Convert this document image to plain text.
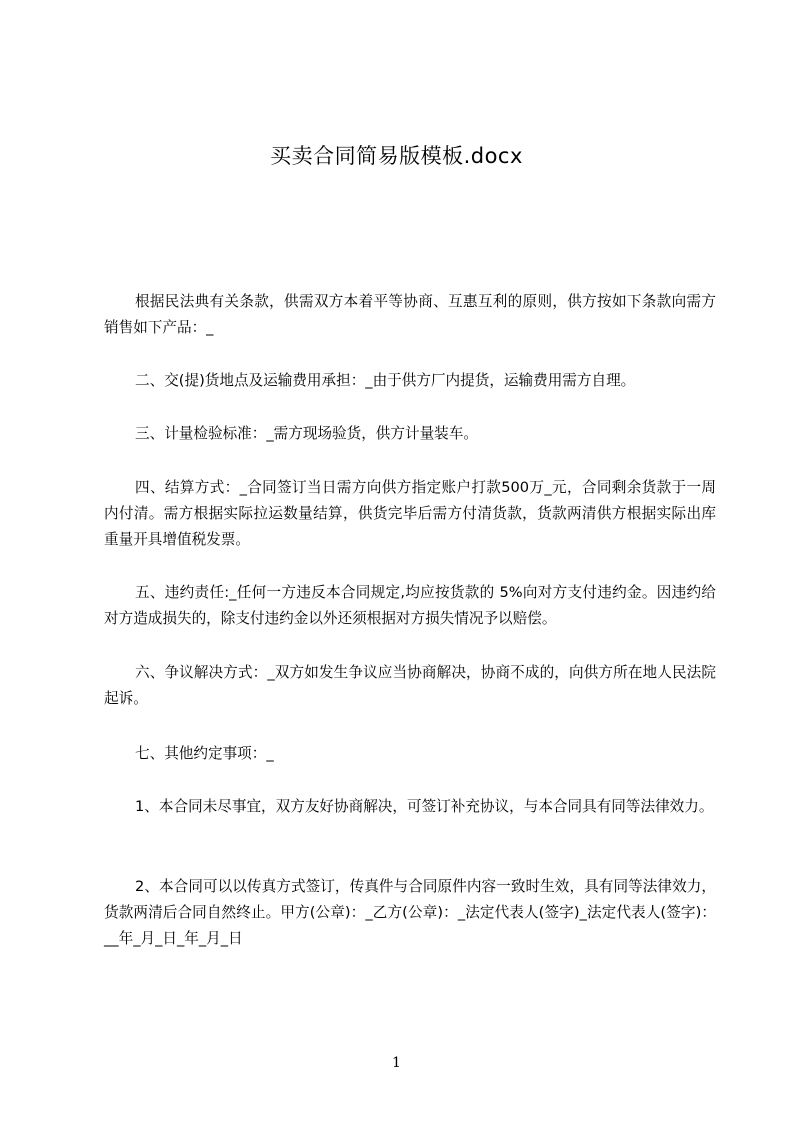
买卖合同简易版模板.docx
根据民法典有关条款，供需双方本着平等协商、互惠互利的原则，供方按如下条款向需方销售如下产品：_
二、交(提)货地点及运输费用承担：_由于供方厂内提货，运输费用需方自理。
三、计量检验标准：_需方现场验货，供方计量装车。
四、结算方式：_合同签订当日需方向供方指定账户打款500万_元，合同剩余货款于一周内付清。需方根据实际拉运数量结算，供货完毕后需方付清货款，货款两清供方根据实际出库重量开具增值税发票。
五、违约责任:_任何一方违反本合同规定,均应按货款的 5%向对方支付违约金。因违约给对方造成损失的，除支付违约金以外还须根据对方损失情况予以赔偿。
六、争议解决方式：_双方如发生争议应当协商解决，协商不成的，向供方所在地人民法院起诉。
七、其他约定事项：_
1、本合同未尽事宜，双方友好协商解决，可签订补充协议，与本合同具有同等法律效力。
2、本合同可以以传真方式签订，传真件与合同原件内容一致时生效，具有同等法律效力，货款两清后合同自然终止。甲方(公章)：_乙方(公章)：_法定代表人(签字)_法定代表人(签字)：__年_月_日_年_月_日
1
